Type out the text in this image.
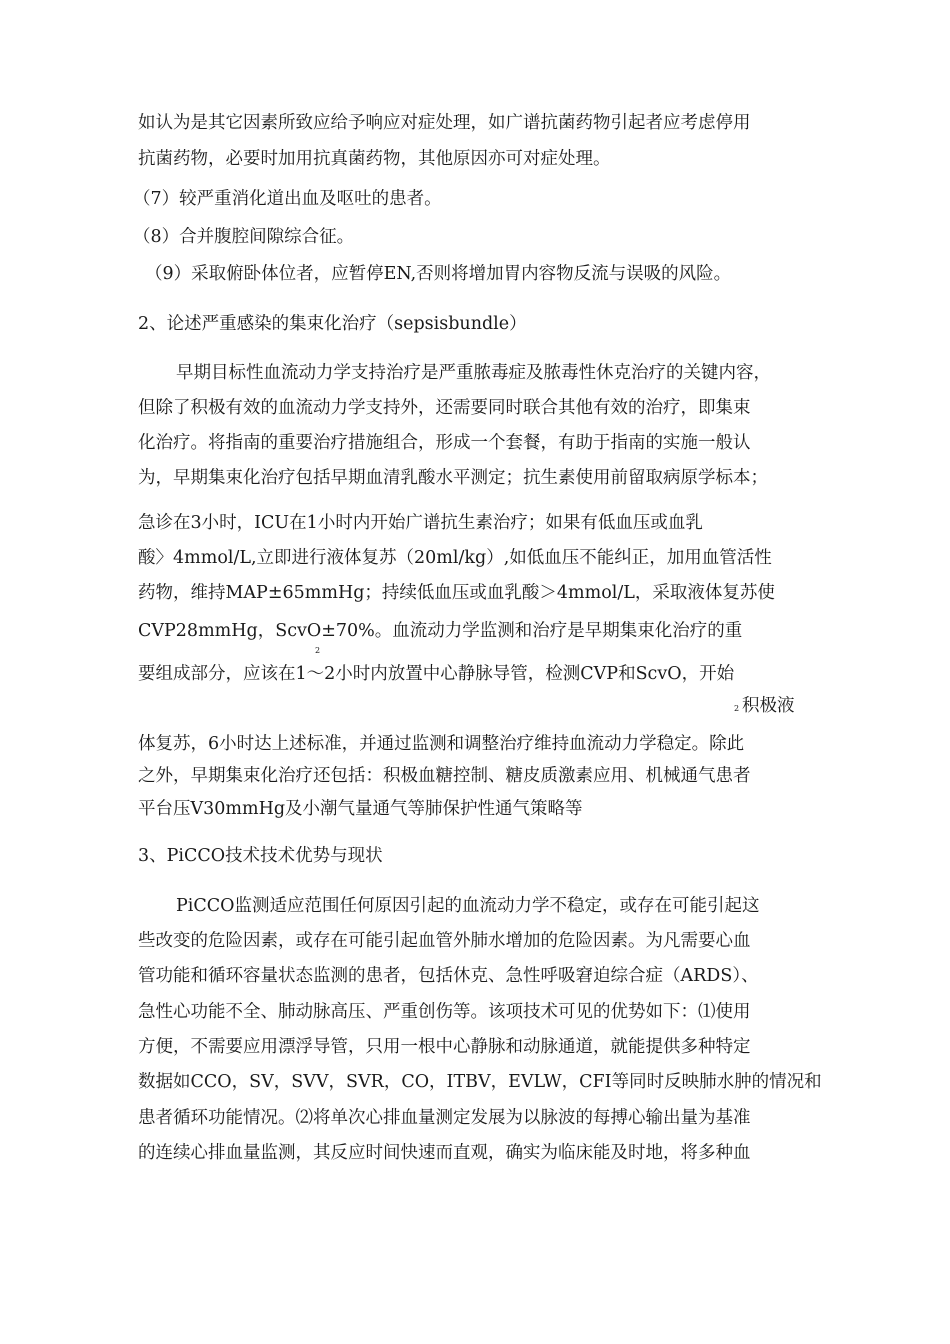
如认为是其它因素所致应给予响应对症处理，如广谱抗菌药物引起者应考虑停用
抗菌药物，必要时加用抗真菌药物，其他原因亦可对症处理。
（7）较严重消化道出血及呕吐的患者。
（8）合并腹腔间隙综合征。
（9）采取俯卧体位者，应暂停EN,否则将增加胃内容物反流与误吸的风险。
2、论述严重感染的集束化治疗（sepsisbundle）
早期目标性血流动力学支持治疗是严重脓毒症及脓毒性休克治疗的关键内容，
但除了积极有效的血流动力学支持外，还需要同时联合其他有效的治疗，即集束
化治疗。将指南的重要治疗措施组合，形成一个套餐，有助于指南的实施一般认
为，早期集束化治疗包括早期血清乳酸水平测定；抗生素使用前留取病原学标本；
急诊在3小时，ICU在1小时内开始广谱抗生素治疗；如果有低血压或血乳
酸〉4mmol/L,立即进行液体复苏（20ml/kg）,如低血压不能纠正，加用血管活性
药物，维持MAP±65mmHg；持续低血压或血乳酸＞4mmol/L，采取液体复苏使
CVP28mmHg，ScvO±70%。血流动力学监测和治疗是早期集束化治疗的重
2
要组成部分，应该在1〜2小时内放置中心静脉导管，检测CVP和ScvO，开始
2 积极液
体复苏，6小时达上述标准，并通过监测和调整治疗维持血流动力学稳定。除此
之外，早期集束化治疗还包括：积极血糖控制、糖皮质激素应用、机械通气患者
平台压V30mmHg及小潮气量通气等肺保护性通气策略等
3、PiCCO技术技术优势与现状
PiCCO监测适应范围任何原因引起的血流动力学不稳定，或存在可能引起这
些改变的危险因素，或存在可能引起血管外肺水增加的危险因素。为凡需要心血
管功能和循环容量状态监测的患者，包括休克、急性呼吸窘迫综合症（ARDS）、
急性心功能不全、肺动脉高压、严重创伤等。该项技术可见的优势如下：⑴使用
方便，不需要应用漂浮导管，只用一根中心静脉和动脉通道，就能提供多种特定
数据如CCO，SV，SVV，SVR，CO，ITBV，EVLW，CFI等同时反映肺水肿的情况和
患者循环功能情况。⑵将单次心排血量测定发展为以脉波的每搏心输出量为基准
的连续心排血量监测，其反应时间快速而直观，确实为临床能及时地，将多种血
